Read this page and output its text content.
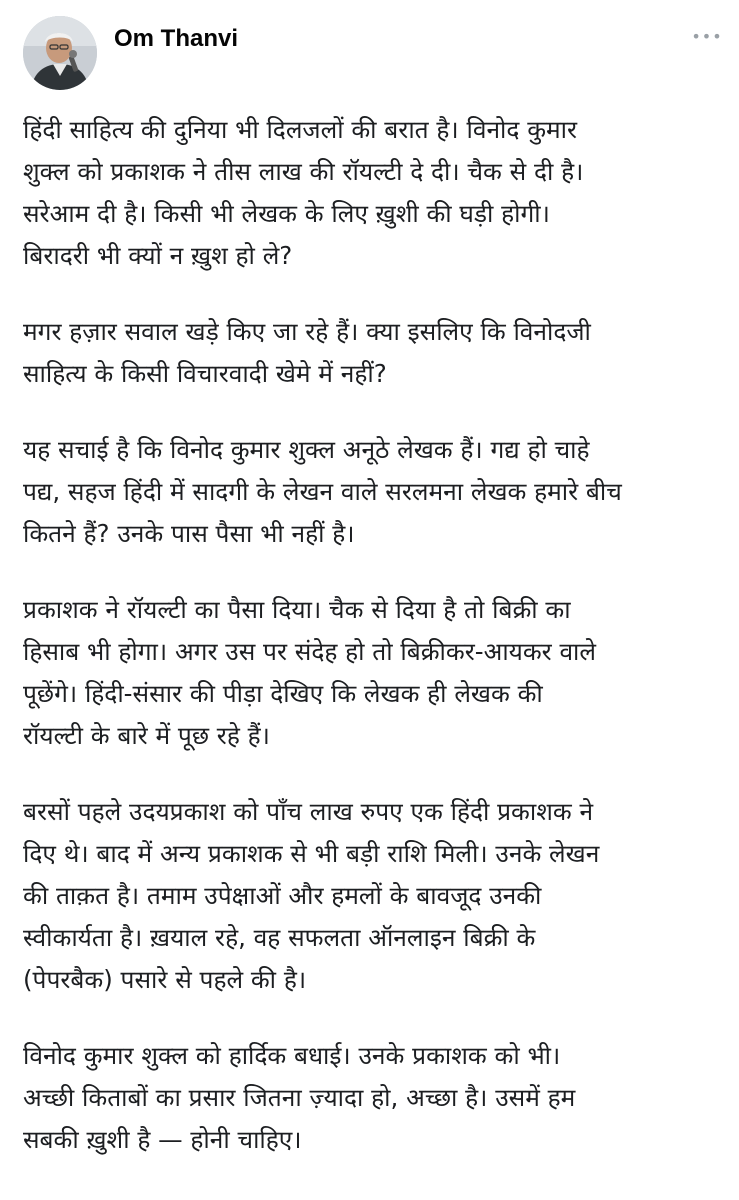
Om Thanvi	•••

हिंदी साहित्य की दुनिया भी दिलजलों की बरात है। विनोद कुमार
शुक्ल को प्रकाशक ने तीस लाख की रॉयल्टी दे दी। चैक से दी है।
सरेआम दी है। किसी भी लेखक के लिए ख़ुशी की घड़ी होगी।
बिरादरी भी क्यों न ख़ुश हो ले?

मगर हज़ार सवाल खड़े किए जा रहे हैं। क्या इसलिए कि विनोदजी
साहित्य के किसी विचारवादी खेमे में नहीं?

यह सचाई है कि विनोद कुमार शुक्ल अनूठे लेखक हैं। गद्य हो चाहे
पद्य, सहज हिंदी में सादगी के लेखन वाले सरलमना लेखक हमारे बीच
कितने हैं? उनके पास पैसा भी नहीं है।

प्रकाशक ने रॉयल्टी का पैसा दिया। चैक से दिया है तो बिक्री का
हिसाब भी होगा। अगर उस पर संदेह हो तो बिक्रीकर-आयकर वाले
पूछेंगे। हिंदी-संसार की पीड़ा देखिए कि लेखक ही लेखक की
रॉयल्टी के बारे में पूछ रहे हैं।

बरसों पहले उदयप्रकाश को पाँच लाख रुपए एक हिंदी प्रकाशक ने
दिए थे। बाद में अन्य प्रकाशक से भी बड़ी राशि मिली। उनके लेखन
की ताक़त है। तमाम उपेक्षाओं और हमलों के बावजूद उनकी
स्वीकार्यता है। ख़याल रहे, वह सफलता ऑनलाइन बिक्री के
(पेपरबैक) पसारे से पहले की है।

विनोद कुमार शुक्ल को हार्दिक बधाई। उनके प्रकाशक को भी।
अच्छी किताबों का प्रसार जितना ज़्यादा हो, अच्छा है। उसमें हम
सबकी ख़ुशी है — होनी चाहिए।
